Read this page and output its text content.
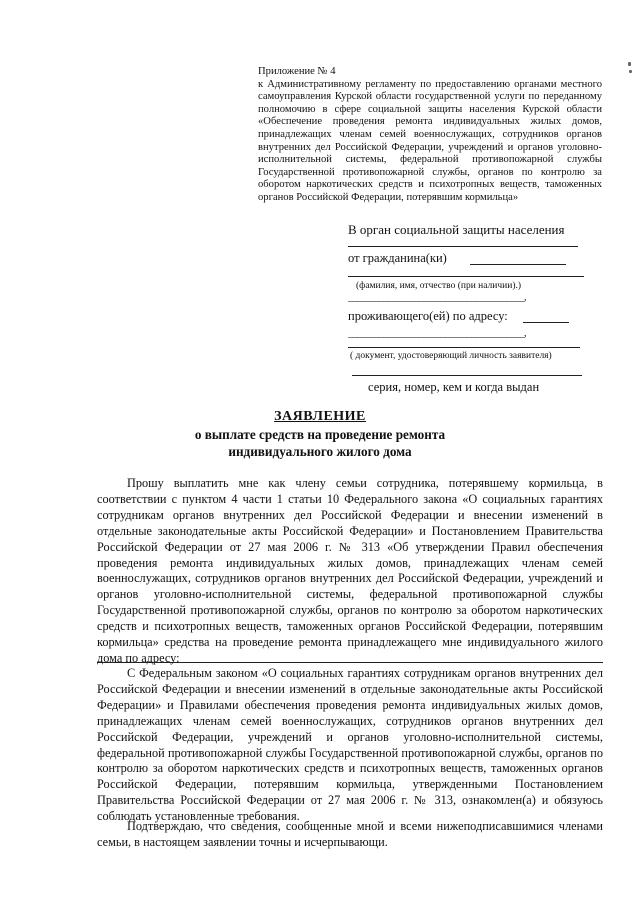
Приложение № 4
к Административному регламенту по предоставлению органами местного самоуправления Курской области государственной услуги по переданному полномочию в сфере социальной защиты населения Курской области «Обеспечение проведения ремонта индивидуальных жилых домов, принадлежащих членам семей военнослужащих, сотрудников органов внутренних дел Российской Федерации, учреждений и органов уголовно-исполнительной системы, федеральной противопожарной службы Государственной противопожарной службы, органов по контролю за оборотом наркотических средств и психотропных веществ, таможенных органов Российской Федерации, потерявшим кормильца»
В орган социальной защиты населения
от гражданина(ки)
(фамилия, имя, отчество (при наличии).)
________________________________________,
проживающего(ей) по адресу:
________________________________________,
( документ, удостоверяющий личность заявителя)
серия, номер, кем и когда выдан
ЗАЯВЛЕНИЕ
о выплате средств на проведение ремонта
индивидуального жилого дома

Прошу выплатить мне как члену семьи сотрудника, потерявшему кормильца, в соответствии с пунктом 4 части 1 статьи 10 Федерального закона «О социальных гарантиях сотрудникам органов внутренних дел Российской Федерации и внесении изменений в отдельные законодательные акты Российской Федерации» и Постановлением Правительства Российской Федерации от 27 мая 2006 г. № 313 «Об утверждении Правил обеспечения проведения ремонта индивидуальных жилых домов, принадлежащих членам семей военнослужащих, сотрудников органов внутренних дел Российской Федерации, учреждений и органов уголовно-исполнительной системы, федеральной противопожарной службы Государственной противопожарной службы, органов по контролю за оборотом наркотических средств и психотропных веществ, таможенных органов Российской Федерации, потерявшим кормильца» средства на проведение ремонта принадлежащего мне индивидуального жилого дома по адресу:

С Федеральным законом «О социальных гарантиях сотрудникам органов внутренних дел Российской Федерации и внесении изменений в отдельные законодательные акты Российской Федерации» и Правилами обеспечения проведения ремонта индивидуальных жилых домов, принадлежащих членам семей военнослужащих, сотрудников органов внутренних дел Российской Федерации, учреждений и органов уголовно-исполнительной системы, федеральной противопожарной службы Государственной противопожарной службы, органов по контролю за оборотом наркотических средств и психотропных веществ, таможенных органов Российской Федерации, потерявшим кормильца, утвержденными Постановлением Правительства Российской Федерации от 27 мая 2006 г. № 313, ознакомлен(а) и обязуюсь соблюдать установленные требования.

Подтверждаю, что сведения, сообщенные мной и всеми нижеподписавшимися членами семьи, в настоящем заявлении точны и исчерпывающи.
